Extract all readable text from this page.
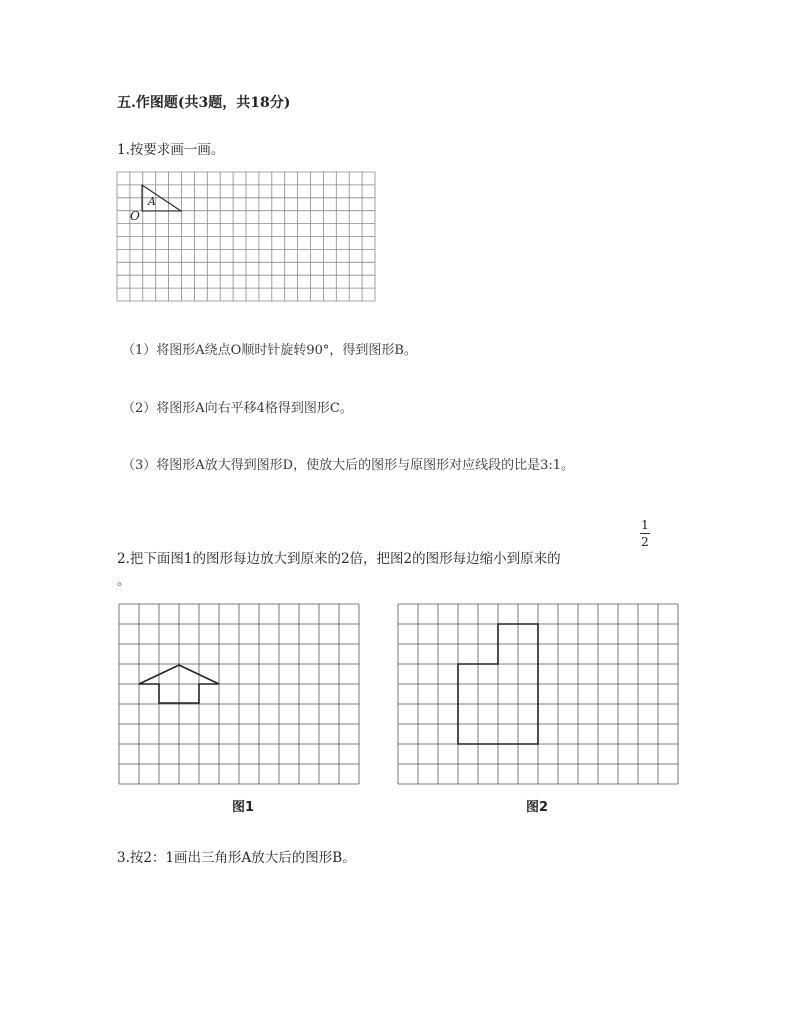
五.作图题(共3题，共18分)
1.按要求画一画。
A
O
（1）将图形A绕点O顺时针旋转90°，得到图形B。
（2）将图形A向右平移4格得到图形C。
（3）将图形A放大得到图形D，使放大后的图形与原图形对应线段的比是3:1。
2.把下面图1的图形每边放大到原来的2倍，把图2的图形每边缩小到原来的
1
2
。
图1	图2
3.按2：1画出三角形A放大后的图形B。
